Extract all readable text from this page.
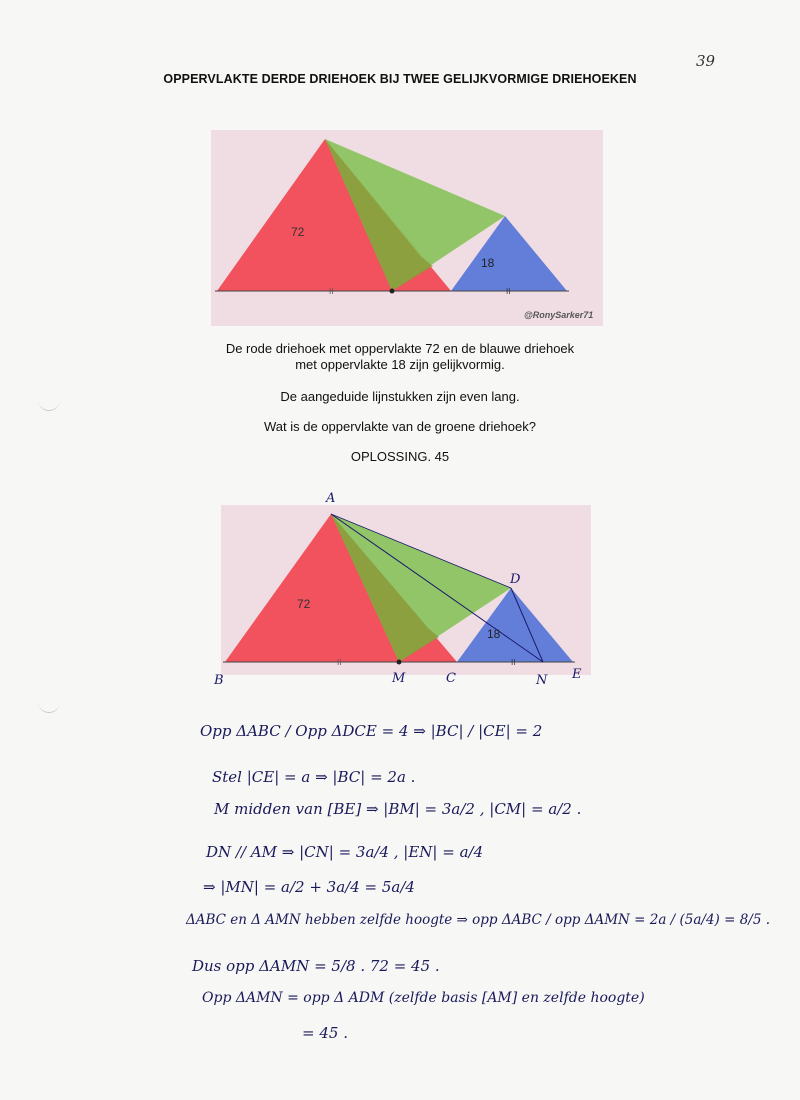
39
OPPERVLAKTE DERDE DRIEHOEK BIJ TWEE GELIJKVORMIGE DRIEHOEKEN
72
18
II	II
@RonySarker71
De rode driehoek met oppervlakte 72 en de blauwe driehoek
met oppervlakte 18 zijn gelijkvormig.
De aangeduide lijnstukken zijn even lang.
Wat is de oppervlakte van de groene driehoek?
OPLOSSING. 45
72
18
II	II
A
B	M	C	N E
D
Opp ΔABC / Opp ΔDCE = 4 ⇒ |BC| / |CE| = 2
Stel |CE| = a ⇒ |BC| = 2a .
M midden van [BE] ⇒ |BM| = 3a/2 , |CM| = a/2 .
DN // AM ⇒ |CN| = 3a/4 , |EN| = a/4
⇒ |MN| = a/2 + 3a/4 = 5a/4
ΔABC en Δ AMN hebben zelfde hoogte ⇒ opp ΔABC / opp ΔAMN = 2a / (5a/4) = 8/5 .
Dus opp ΔAMN = 5/8 . 72 = 45 .
Opp ΔAMN = opp Δ ADM (zelfde basis [AM] en zelfde hoogte)
= 45 .
